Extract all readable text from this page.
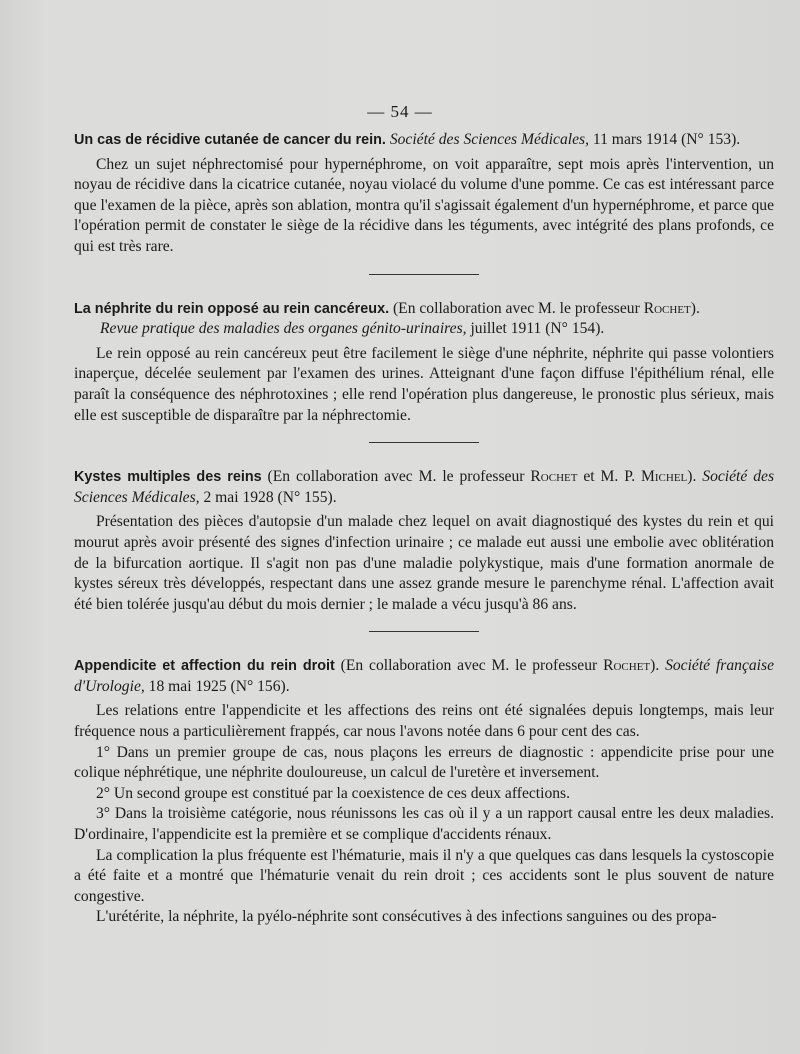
— 54 —

Un cas de récidive cutanée de cancer du rein. Société des Sciences Médicales, 11 mars 1914 (N° 153).

Chez un sujet néphrectomisé pour hypernéphrome, on voit apparaître, sept mois après l'intervention, un noyau de récidive dans la cicatrice cutanée, noyau violacé du volume d'une pomme. Ce cas est intéressant parce que l'examen de la pièce, après son ablation, montra qu'il s'agissait également d'un hypernéphrome, et parce que l'opération permit de constater le siège de la récidive dans les téguments, avec intégrité des plans profonds, ce qui est très rare.

La néphrite du rein opposé au rein cancéreux. (En collaboration avec M. le professeur Rochet).

Revue pratique des maladies des organes génito-urinaires, juillet 1911 (N° 154).

Le rein opposé au rein cancéreux peut être facilement le siège d'une néphrite, néphrite qui passe volontiers inaperçue, décelée seulement par l'examen des urines. Atteignant d'une façon diffuse l'épithélium rénal, elle paraît la conséquence des néphrotoxines ; elle rend l'opération plus dangereuse, le pronostic plus sérieux, mais elle est susceptible de disparaître par la néphrectomie.

Kystes multiples des reins (En collaboration avec M. le professeur Rochet et M. P. Michel). Société des Sciences Médicales, 2 mai 1928 (N° 155).

Présentation des pièces d'autopsie d'un malade chez lequel on avait diagnostiqué des kystes du rein et qui mourut après avoir présenté des signes d'infection urinaire ; ce malade eut aussi une embolie avec oblitération de la bifurcation aortique. Il s'agit non pas d'une maladie polykystique, mais d'une formation anormale de kystes séreux très développés, respectant dans une assez grande mesure le parenchyme rénal. L'affection avait été bien tolérée jusqu'au début du mois dernier ; le malade a vécu jusqu'à 86 ans.

Appendicite et affection du rein droit (En collaboration avec M. le professeur Rochet). Société française d'Urologie, 18 mai 1925 (N° 156).

Les relations entre l'appendicite et les affections des reins ont été signalées depuis longtemps, mais leur fréquence nous a particulièrement frappés, car nous l'avons notée dans 6 pour cent des cas.

1° Dans un premier groupe de cas, nous plaçons les erreurs de diagnostic : appendicite prise pour une colique néphrétique, une néphrite douloureuse, un calcul de l'uretère et inversement.

2° Un second groupe est constitué par la coexistence de ces deux affections.

3° Dans la troisième catégorie, nous réunissons les cas où il y a un rapport causal entre les deux maladies. D'ordinaire, l'appendicite est la première et se complique d'accidents rénaux.

La complication la plus fréquente est l'hématurie, mais il n'y a que quelques cas dans lesquels la cystoscopie a été faite et a montré que l'hématurie venait du rein droit ; ces accidents sont le plus souvent de nature congestive.

L'urétérite, la néphrite, la pyélo-néphrite sont consécutives à des infections sanguines ou des propa-
